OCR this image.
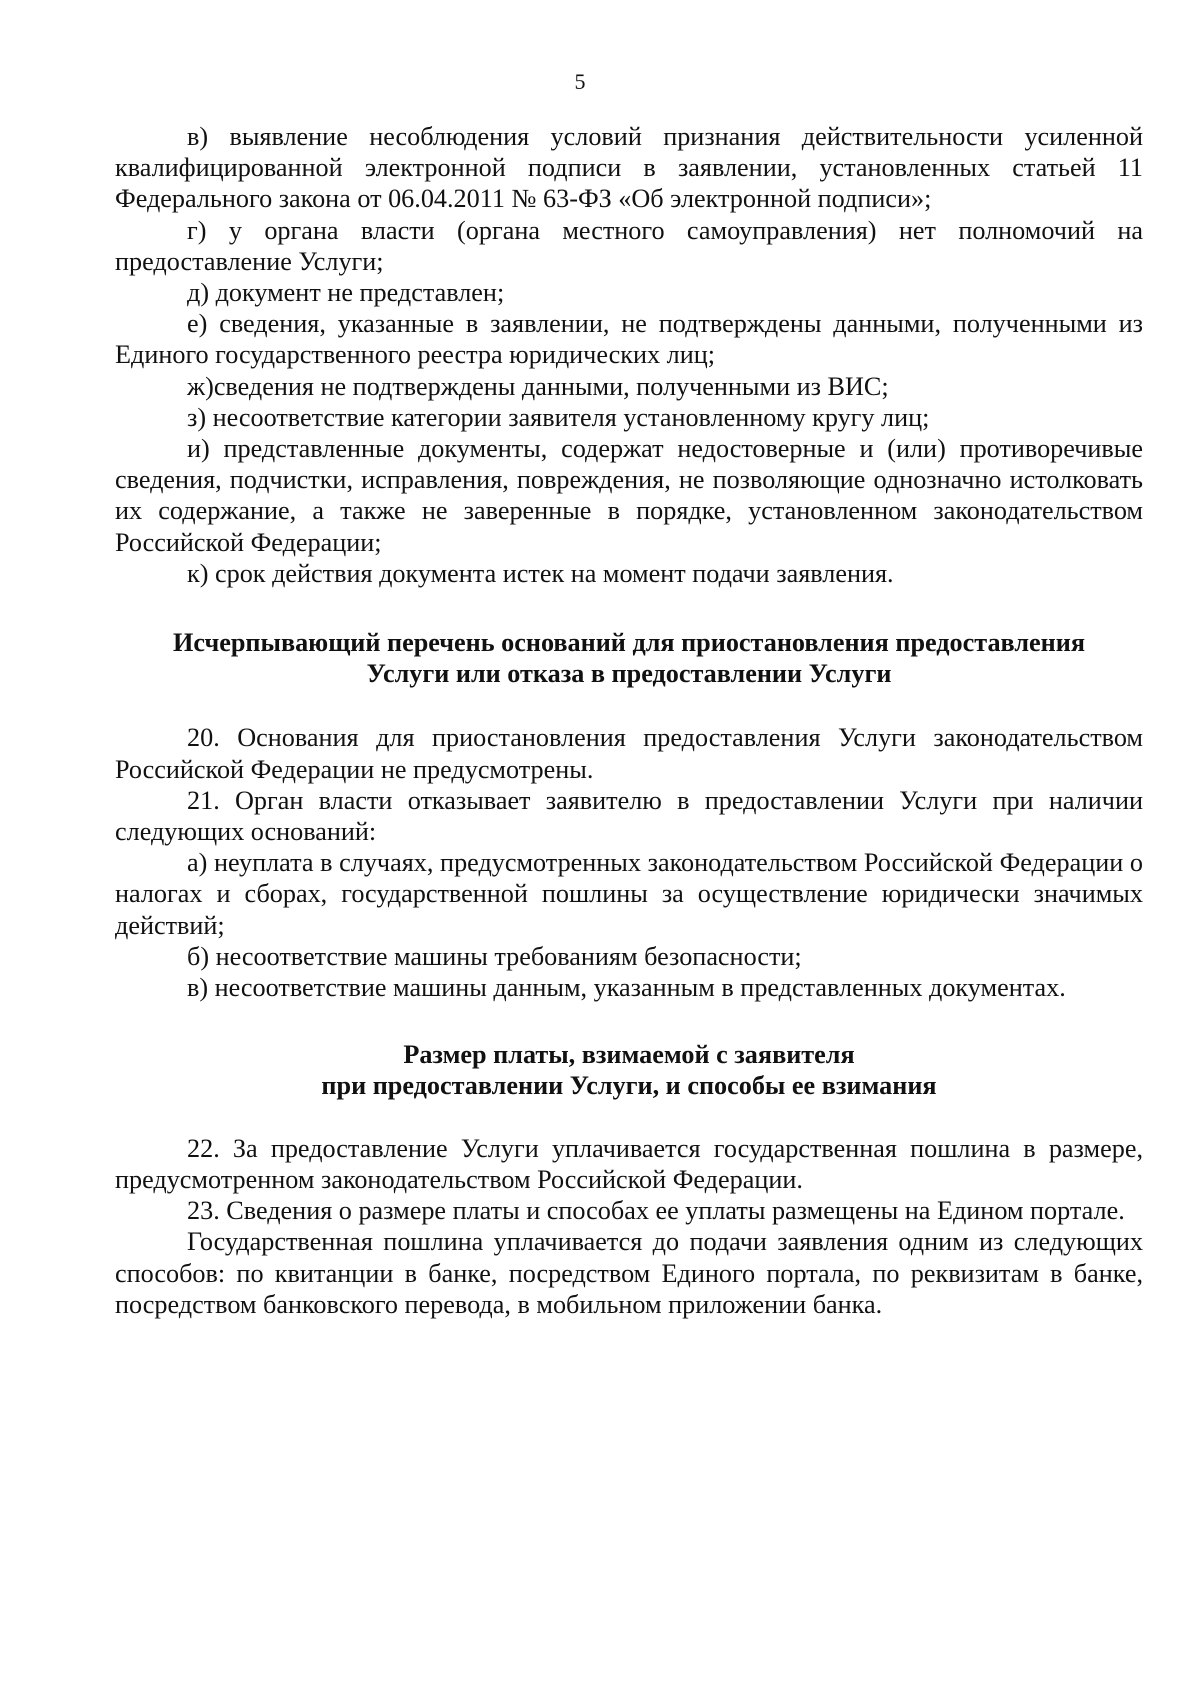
5

в) выявление несоблюдения условий признания действительности усиленной квалифицированной электронной подписи в заявлении, установленных статьей 11 Федерального закона от 06.04.2011 № 63-ФЗ «Об электронной подписи»;

г) у органа власти (органа местного самоуправления) нет полномочий на предоставление Услуги;

д) документ не представлен;

е) сведения, указанные в заявлении, не подтверждены данными, полученными из Единого государственного реестра юридических лиц;

ж)сведения не подтверждены данными, полученными из ВИС;

з) несоответствие категории заявителя установленному кругу лиц;

и) представленные документы, содержат недостоверные и (или) противоречивые сведения, подчистки, исправления, повреждения, не позволяющие однозначно истолковать их содержание, а также не заверенные в порядке, установленном законодательством Российской Федерации;

к) срок действия документа истек на момент подачи заявления.

Исчерпывающий перечень оснований для приостановления предоставления
Услуги или отказа в предоставлении Услуги

20. Основания для приостановления предоставления Услуги законодательством Российской Федерации не предусмотрены.

21. Орган власти отказывает заявителю в предоставлении Услуги при наличии следующих оснований:

а) неуплата в случаях, предусмотренных законодательством Российской Федерации о налогах и сборах, государственной пошлины за осуществление юридически значимых действий;

б) несоответствие машины требованиям безопасности;

в) несоответствие машины данным, указанным в представленных документах.

Размер платы, взимаемой с заявителя
при предоставлении Услуги, и способы ее взимания

22. За предоставление Услуги уплачивается государственная пошлина в размере, предусмотренном законодательством Российской Федерации.

23. Сведения о размере платы и способах ее уплаты размещены на Едином портале.

Государственная пошлина уплачивается до подачи заявления одним из следующих способов: по квитанции в банке, посредством Единого портала, по реквизитам в банке, посредством банковского перевода, в мобильном приложении банка.
